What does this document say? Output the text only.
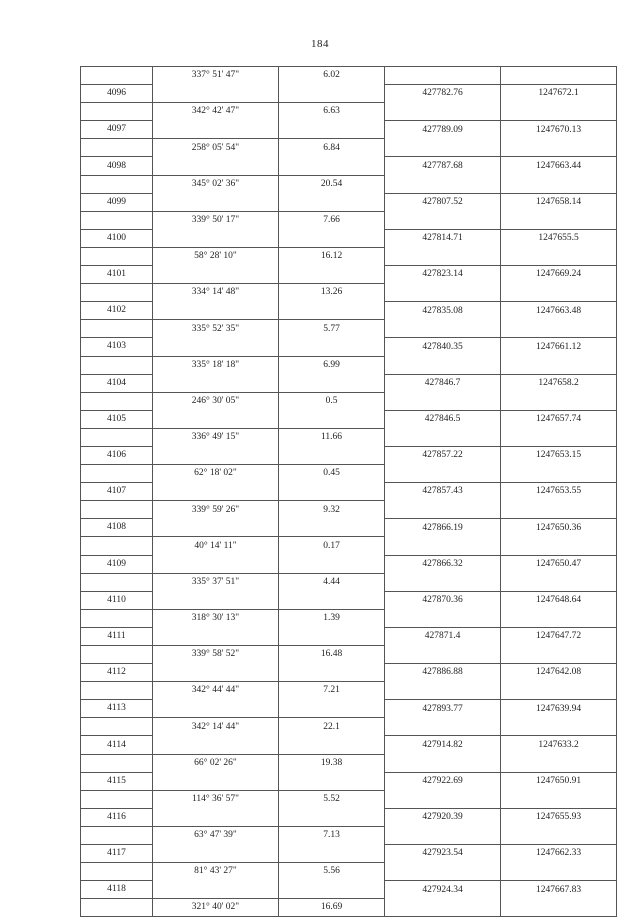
184
	337° 51' 47"	6.02		
4096			427782.76	1247672.1
	342° 42' 47"	6.63		
4097			427789.09	1247670.13
	258° 05' 54"	6.84		
4098			427787.68	1247663.44
	345° 02' 36"	20.54		
4099			427807.52	1247658.14
	339° 50' 17"	7.66		
4100			427814.71	1247655.5
	58° 28' 10"	16.12		
4101			427823.14	1247669.24
	334° 14' 48"	13.26		
4102			427835.08	1247663.48
	335° 52' 35"	5.77		
4103			427840.35	1247661.12
	335° 18' 18"	6.99		
4104			427846.7	1247658.2
	246° 30' 05"	0.5		
4105			427846.5	1247657.74
	336° 49' 15"	11.66		
4106			427857.22	1247653.15
	62° 18' 02"	0.45		
4107			427857.43	1247653.55
	339° 59' 26"	9.32		
4108			427866.19	1247650.36
	40° 14' 11"	0.17		
4109			427866.32	1247650.47
	335° 37' 51"	4.44		
4110			427870.36	1247648.64
	318° 30' 13"	1.39		
4111			427871.4	1247647.72
	339° 58' 52"	16.48		
4112			427886.88	1247642.08
	342° 44' 44"	7.21		
4113			427893.77	1247639.94
	342° 14' 44"	22.1		
4114			427914.82	1247633.2
	66° 02' 26"	19.38		
4115			427922.69	1247650.91
	114° 36' 57"	5.52		
4116			427920.39	1247655.93
	63° 47' 39"	7.13		
4117			427923.54	1247662.33
	81° 43' 27"	5.56		
4118			427924.34	1247667.83
	321° 40' 02"	16.69		
